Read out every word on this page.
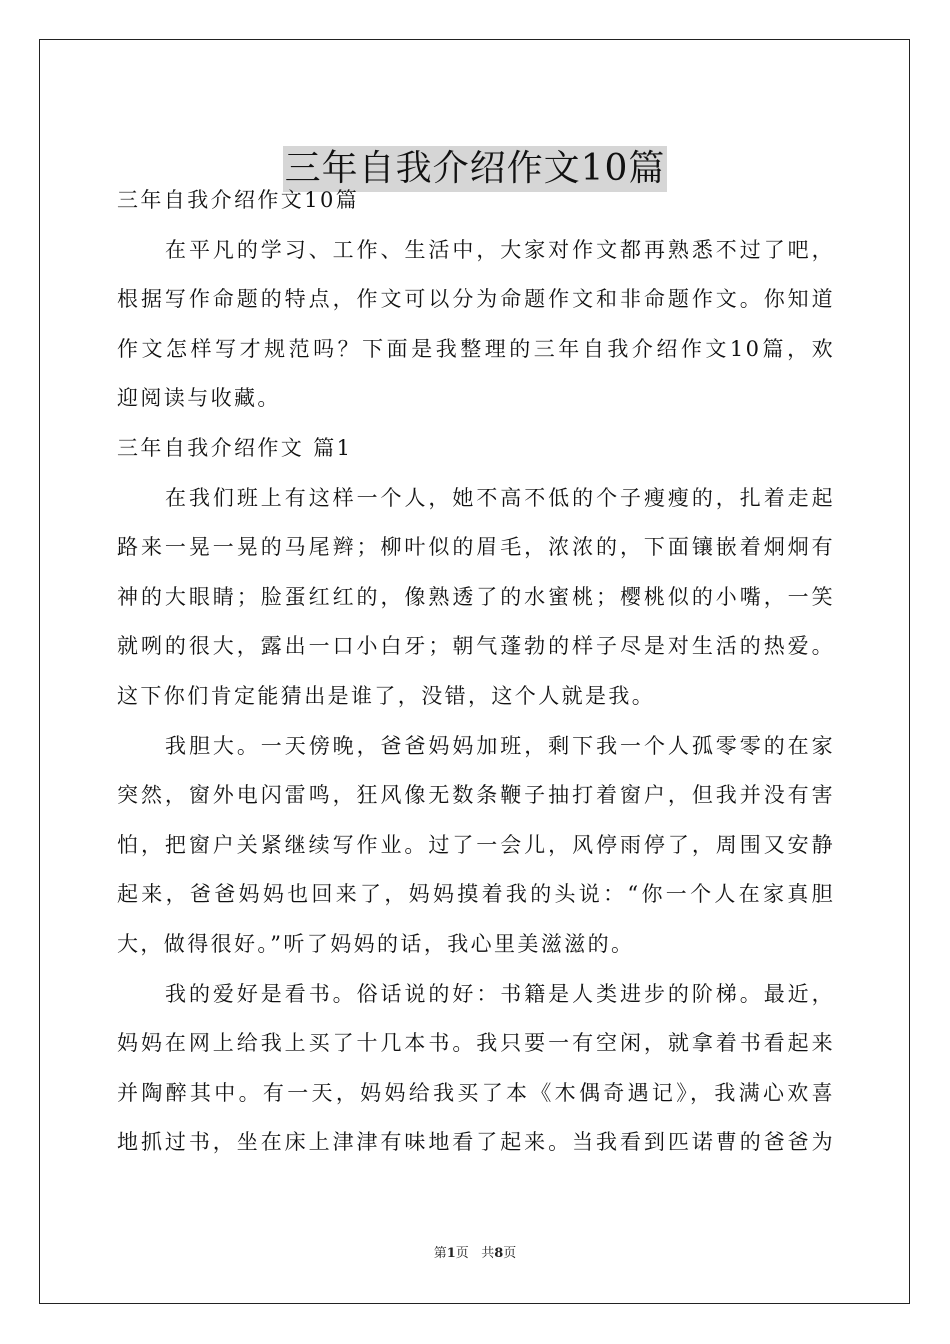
三年自我介绍作文10篇
三年自我介绍作文10篇
在平凡的学习、工作、生活中，大家对作文都再熟悉不过了吧，
根据写作命题的特点，作文可以分为命题作文和非命题作文。你知道
作文怎样写才规范吗？下面是我整理的三年自我介绍作文10篇，欢
迎阅读与收藏。
三年自我介绍作文 篇1
在我们班上有这样一个人，她不高不低的个子瘦瘦的，扎着走起
路来一晃一晃的马尾辫；柳叶似的眉毛，浓浓的，下面镶嵌着炯炯有
神的大眼睛；脸蛋红红的，像熟透了的水蜜桃；樱桃似的小嘴，一笑
就咧的很大，露出一口小白牙；朝气蓬勃的样子尽是对生活的热爱。
这下你们肯定能猜出是谁了，没错，这个人就是我。
我胆大。一天傍晚，爸爸妈妈加班，剩下我一个人孤零零的在家
突然，窗外电闪雷鸣，狂风像无数条鞭子抽打着窗户，但我并没有害
怕，把窗户关紧继续写作业。过了一会儿，风停雨停了，周围又安静
起来，爸爸妈妈也回来了，妈妈摸着我的头说：“你一个人在家真胆
大，做得很好。”听了妈妈的话，我心里美滋滋的。
我的爱好是看书。俗话说的好：书籍是人类进步的阶梯。最近，
妈妈在网上给我上买了十几本书。我只要一有空闲，就拿着书看起来
并陶醉其中。有一天，妈妈给我买了本《木偶奇遇记》，我满心欢喜
地抓过书，坐在床上津津有味地看了起来。当我看到匹诺曹的爸爸为
第1页 共8页
